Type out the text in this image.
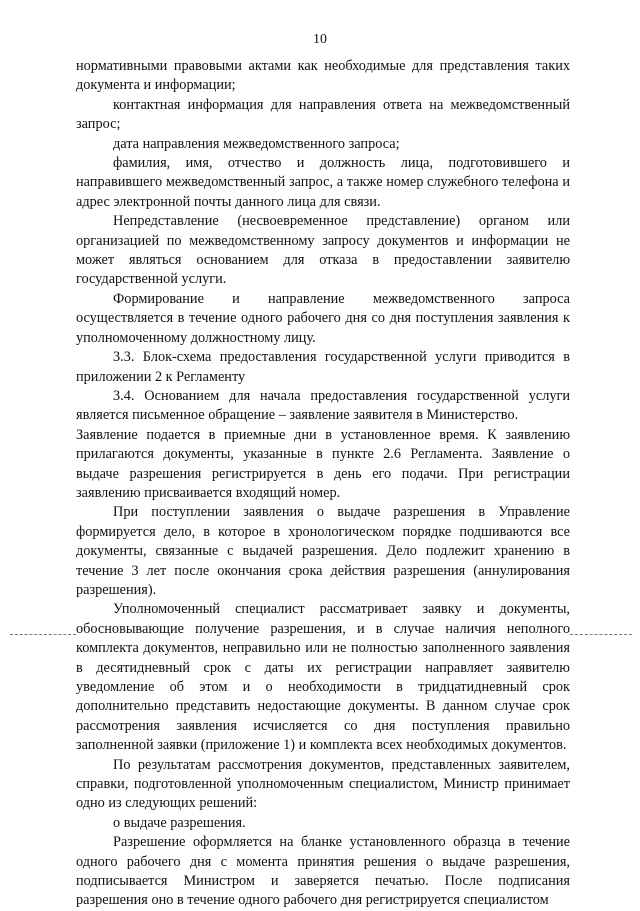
10

нормативными правовыми актами как необходимые для представления таких документа и информации;

контактная информация для направления ответа на межведомственный запрос;

дата направления межведомственного запроса;

фамилия, имя, отчество и должность лица, подготовившего и направившего межведомственный запрос, а также номер служебного телефона и адрес электронной почты данного лица для связи.

Непредставление (несвоевременное представление) органом или организацией по межведомственному запросу документов и информации не может являться основанием для отказа в предоставлении заявителю государственной услуги.

Формирование и направление межведомственного запроса осуществляется в течение одного рабочего дня со дня поступления заявления к уполномоченному должностному лицу.

3.3. Блок-схема предоставления государственной услуги приводится в приложении 2 к Регламенту

3.4. Основанием для начала предоставления государственной услуги является письменное обращение – заявление заявителя в Министерство.

Заявление подается в приемные дни в установленное время. К заявлению прилагаются документы, указанные в пункте 2.6 Регламента. Заявление о выдаче разрешения регистрируется в день его подачи. При регистрации заявлению присваивается входящий номер.

При поступлении заявления о выдаче разрешения в Управление формируется дело, в которое в хронологическом порядке подшиваются все документы, связанные с выдачей разрешения. Дело подлежит хранению в течение 3 лет после окончания срока действия разрешения (аннулирования разрешения).

Уполномоченный специалист рассматривает заявку и документы, обосновывающие получение разрешения, и в случае наличия неполного комплекта документов, неправильно или не полностью заполненного заявления в десятидневный срок с даты их регистрации направляет заявителю уведомление об этом и о необходимости в тридцатидневный срок дополнительно представить недостающие документы. В данном случае срок рассмотрения заявления исчисляется со дня поступления правильно заполненной заявки (приложение 1) и комплекта всех необходимых документов.

По результатам рассмотрения документов, представленных заявителем, справки, подготовленной уполномоченным специалистом, Министр принимает одно из следующих решений:

о выдаче разрешения.

Разрешение оформляется на бланке установленного образца в течение одного рабочего дня с момента принятия решения о выдаче разрешения, подписывается Министром и заверяется печатью. После подписания разрешения оно в течение одного рабочего дня регистрируется специалистом
